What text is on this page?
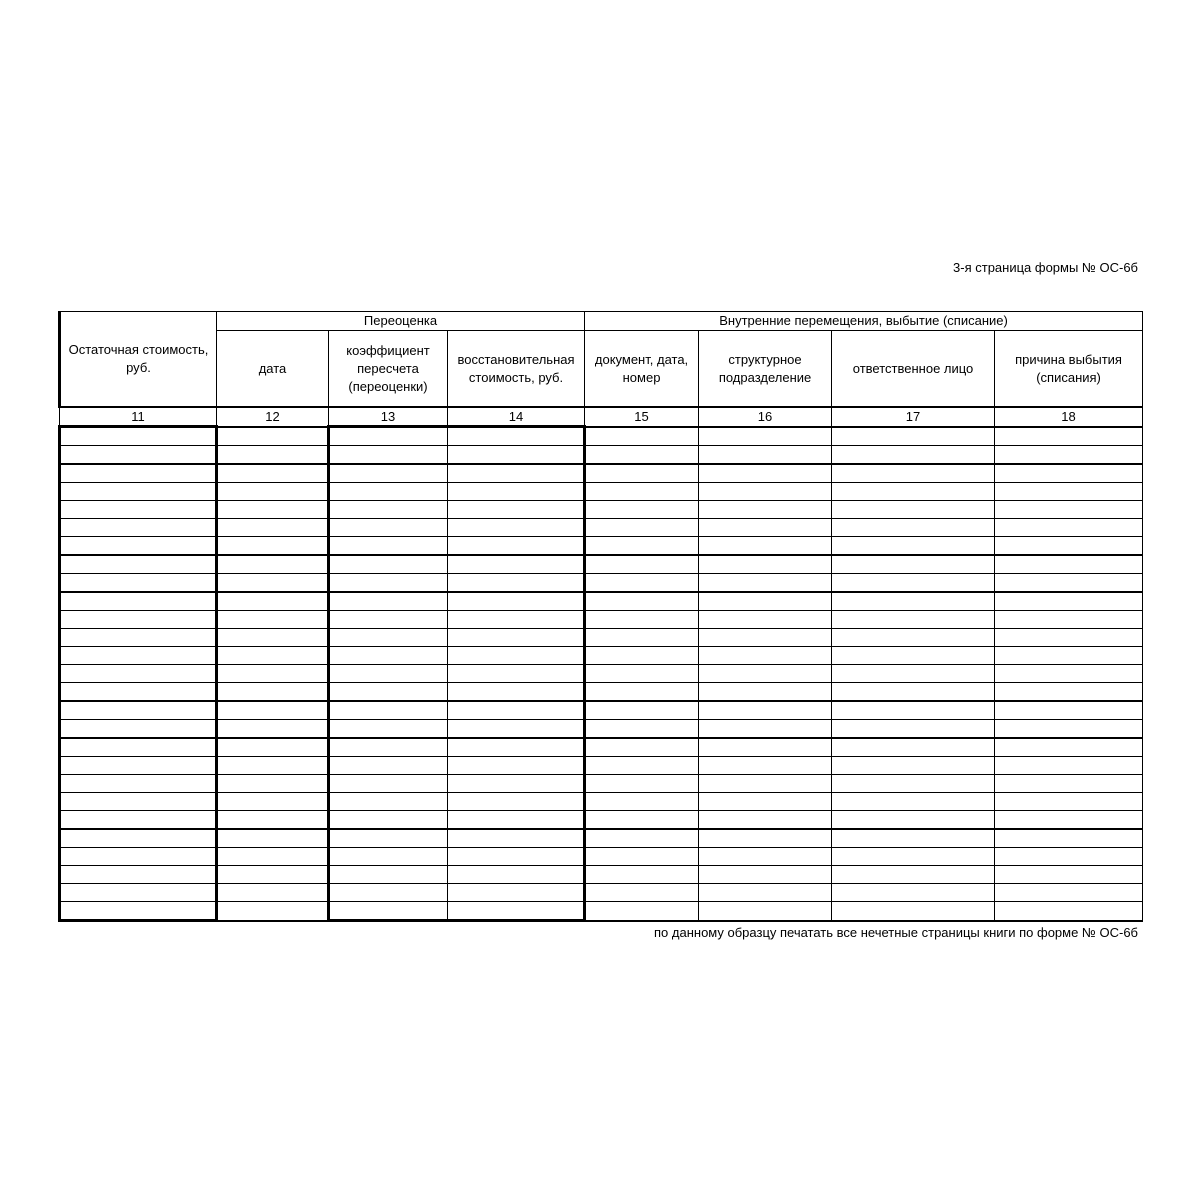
3-я страница формы № ОС-6б
Остаточная стоимость, руб.	Переоценка			Внутренние перемещения, выбытие (списание)			
	дата	коэффициент пересчета (переоценки)	восстановительная стоимость, руб.	документ, дата, номер	структурное подразделение	ответственное лицо	причина выбытия (списания)
11	12	13	14	15	16	17	18

по данному образцу печатать все нечетные страницы книги по форме № ОС-6б
